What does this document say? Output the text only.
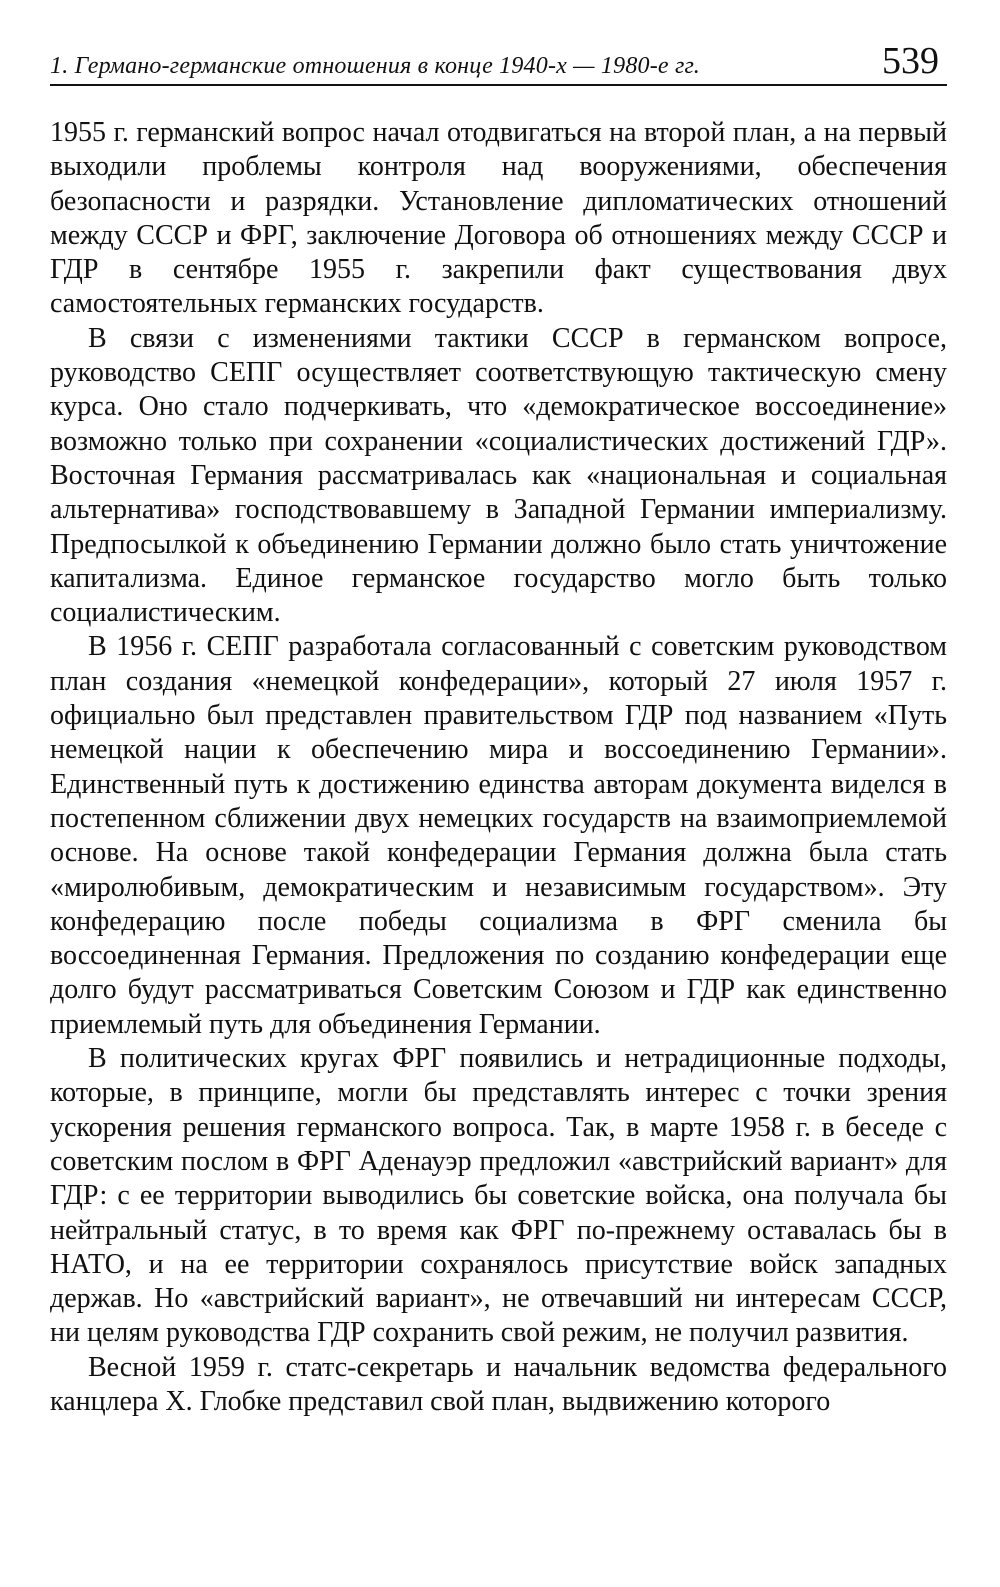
1. Германо-германские отношения в конце 1940-х — 1980-е гг.	539

1955 г. германский вопрос начал отодвигаться на второй план, а на первый выходили проблемы контроля над вооружениями, обеспечения безопасности и разрядки. Установление дипломатических отношений между СССР и ФРГ, заключение Договора об отношениях между СССР и ГДР в сентябре 1955 г. закрепили факт существования двух самостоятельных германских государств.

В связи с изменениями тактики СССР в германском вопросе, руководство СЕПГ осуществляет соответствующую тактическую смену курса. Оно стало подчеркивать, что «демократическое воссоединение» возможно только при сохранении «социалистических достижений ГДР». Восточная Германия рассматривалась как «национальная и социальная альтернатива» господствовавшему в Западной Германии империализму. Предпосылкой к объединению Германии должно было стать уничтожение капитализма. Единое германское государство могло быть только социалистическим.

В 1956 г. СЕПГ разработала согласованный с советским руководством план создания «немецкой конфедерации», который 27 июля 1957 г. официально был представлен правительством ГДР под названием «Путь немецкой нации к обеспечению мира и воссоединению Германии». Единственный путь к достижению единства авторам документа виделся в постепенном сближении двух немецких государств на взаимоприемлемой основе. На основе такой конфедерации Германия должна была стать «миролюбивым, демократическим и независимым государством». Эту конфедерацию после победы социализма в ФРГ сменила бы воссоединенная Германия. Предложения по созданию конфедерации еще долго будут рассматриваться Советским Союзом и ГДР как единственно приемлемый путь для объединения Германии.

В политических кругах ФРГ появились и нетрадиционные подходы, которые, в принципе, могли бы представлять интерес с точки зрения ускорения решения германского вопроса. Так, в марте 1958 г. в беседе с советским послом в ФРГ Аденауэр предложил «австрийский вариант» для ГДР: с ее территории выводились бы советские войска, она получала бы нейтральный статус, в то время как ФРГ по-прежнему оставалась бы в НАТО, и на ее территории сохранялось присутствие войск западных держав. Но «австрийский вариант», не отвечавший ни интересам СССР, ни целям руководства ГДР сохранить свой режим, не получил развития.

Весной 1959 г. статс-секретарь и начальник ведомства федерального канцлера Х. Глобке представил свой план, выдвижению которого
